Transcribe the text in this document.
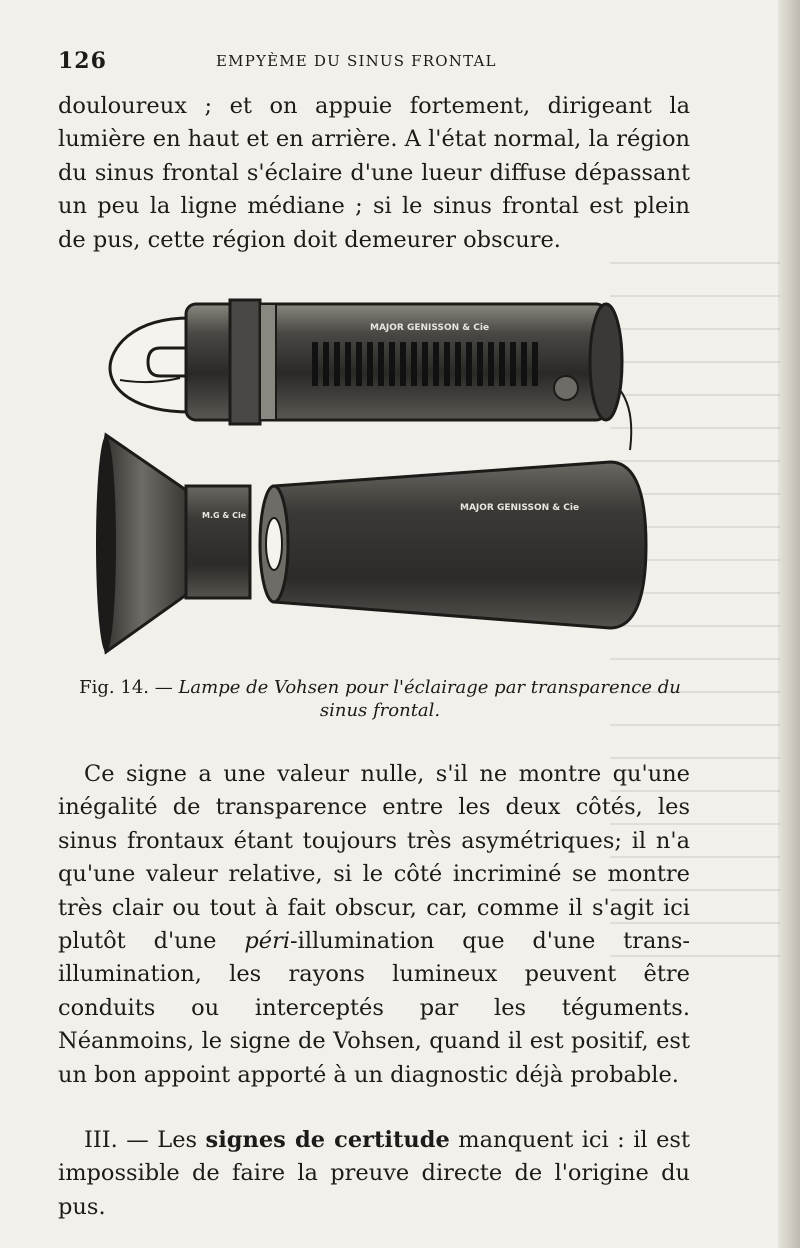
126	EMPYÈME DU SINUS FRONTAL

douloureux ; et on appuie fortement, dirigeant la lumière en haut et en arrière. A l'état normal, la région du sinus frontal s'éclaire d'une lueur diffuse dépassant un peu la ligne médiane ; si le sinus frontal est plein de pus, cette région doit demeurer obscure.

MAJOR GENISSON & Cie
M.G & Cie
MAJOR GENISSON & Cie
Fig. 14. — Lampe de Vohsen pour l'éclairage par transparence du sinus frontal.

Ce signe a une valeur nulle, s'il ne montre qu'une inégalité de transparence entre les deux côtés, les sinus frontaux étant toujours très asymétriques; il n'a qu'une valeur relative, si le côté incriminé se montre très clair ou tout à fait obscur, car, comme il s'agit ici plutôt d'une péri-illumination que d'une trans-illumination, les rayons lumineux peuvent être conduits ou interceptés par les téguments. Néanmoins, le signe de Vohsen, quand il est positif, est un bon appoint apporté à un diagnostic déjà probable.

III. — Les signes de certitude manquent ici : il est impossible de faire la preuve directe de l'origine du pus.
